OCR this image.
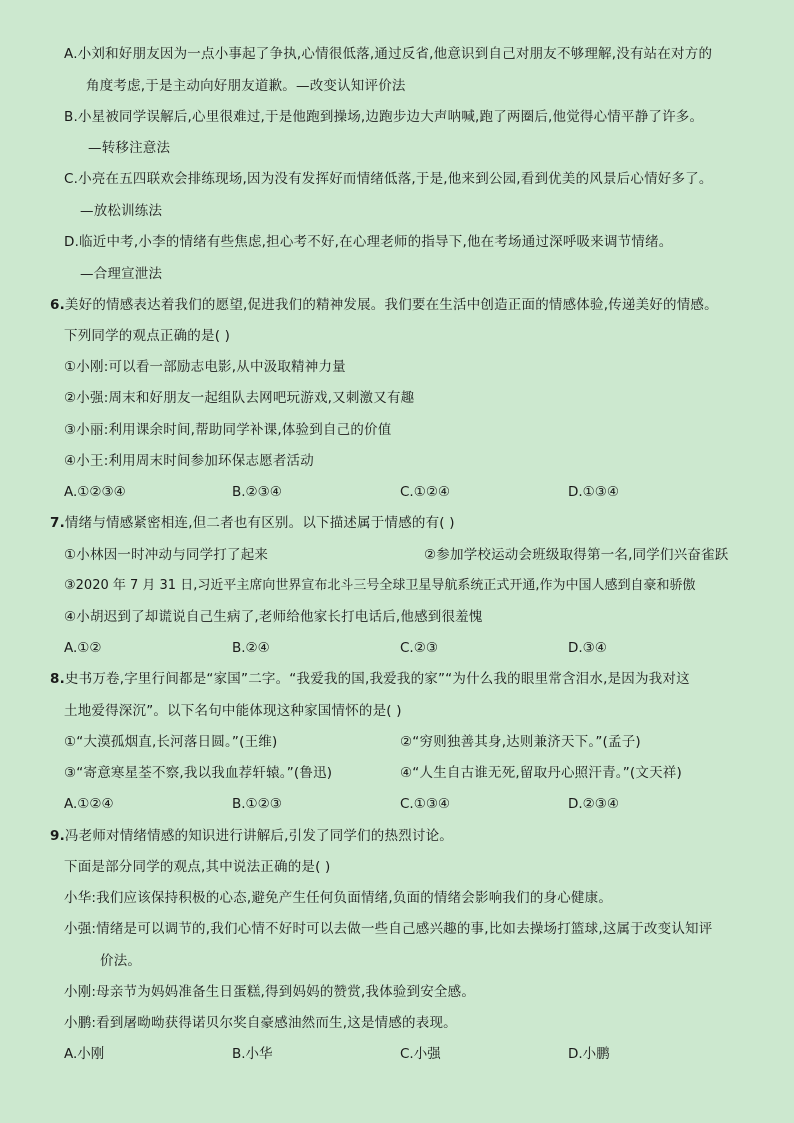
A.小刘和好朋友因为一点小事起了争执,心情很低落,通过反省,他意识到自己对朋友不够理解,没有站在对方的
角度考虑,于是主动向好朋友道歉。—改变认知评价法
B.小星被同学误解后,心里很难过,于是他跑到操场,边跑步边大声呐喊,跑了两圈后,他觉得心情平静了许多。
—转移注意法
C.小亮在五四联欢会排练现场,因为没有发挥好而情绪低落,于是,他来到公园,看到优美的风景后心情好多了。
—放松训练法
D.临近中考,小李的情绪有些焦虑,担心考不好,在心理老师的指导下,他在考场通过深呼吸来调节情绪。
—合理宣泄法
6.美好的情感表达着我们的愿望,促进我们的精神发展。我们要在生活中创造正面的情感体验,传递美好的情感。
下列同学的观点正确的是( )
①小刚:可以看一部励志电影,从中汲取精神力量
②小强:周末和好朋友一起组队去网吧玩游戏,又刺激又有趣
③小丽:利用课余时间,帮助同学补课,体验到自己的价值
④小王:利用周末时间参加环保志愿者活动
A.①②③④	B.②③④	C.①②④	D.①③④
7.情绪与情感紧密相连,但二者也有区别。以下描述属于情感的有( )
①小林因一时冲动与同学打了起来	②参加学校运动会班级取得第一名,同学们兴奋雀跃
③2020 年 7 月 31 日,习近平主席向世界宣布北斗三号全球卫星导航系统正式开通,作为中国人感到自豪和骄傲
④小胡迟到了却谎说自己生病了,老师给他家长打电话后,他感到很羞愧
A.①②	B.②④	C.②③	D.③④
8.史书万卷,字里行间都是“家国”二字。“我爱我的国,我爱我的家”“为什么我的眼里常含泪水,是因为我对这
土地爱得深沉”。以下名句中能体现这种家国情怀的是( )
①“大漠孤烟直,长河落日圆。”(王维)	②“穷则独善其身,达则兼济天下。”(孟子)
③“寄意寒星荃不察,我以我血荐轩辕。”(鲁迅)	④“人生自古谁无死,留取丹心照汗青。”(文天祥)
A.①②④	B.①②③	C.①③④	D.②③④
9.冯老师对情绪情感的知识进行讲解后,引发了同学们的热烈讨论。
下面是部分同学的观点,其中说法正确的是( )
小华:我们应该保持积极的心态,避免产生任何负面情绪,负面的情绪会影响我们的身心健康。
小强:情绪是可以调节的,我们心情不好时可以去做一些自己感兴趣的事,比如去操场打篮球,这属于改变认知评
价法。
小刚:母亲节为妈妈准备生日蛋糕,得到妈妈的赞赏,我体验到安全感。
小鹏:看到屠呦呦获得诺贝尔奖自豪感油然而生,这是情感的表现。
A.小刚	B.小华	C.小强	D.小鹏
